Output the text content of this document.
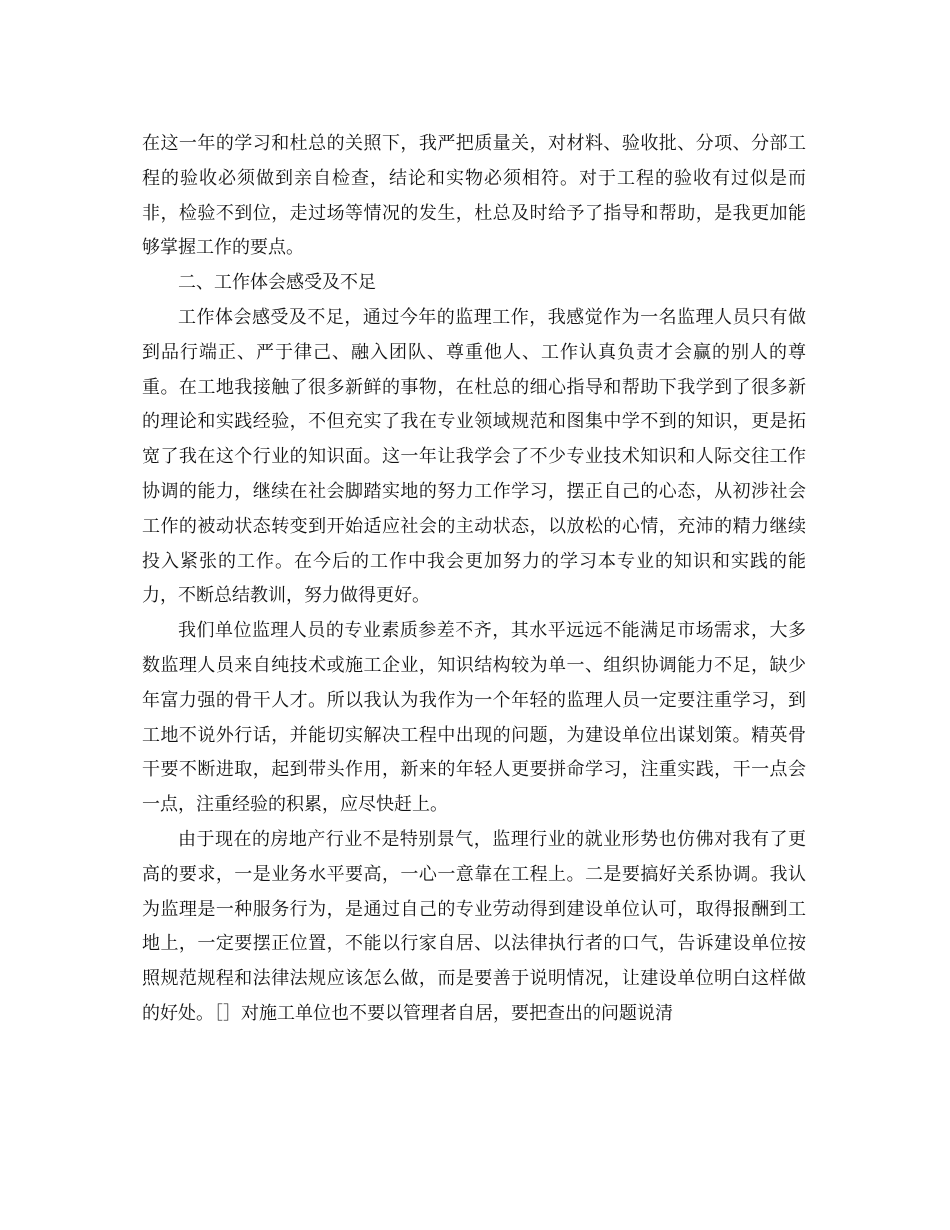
在这一年的学习和杜总的关照下，我严把质量关，对材料、验收批、分项、分部工程的验收必须做到亲自检查，结论和实物必须相符。对于工程的验收有过似是而非，检验不到位，走过场等情况的发生，杜总及时给予了指导和帮助，是我更加能够掌握工作的要点。

二、工作体会感受及不足

工作体会感受及不足，通过今年的监理工作，我感觉作为一名监理人员只有做到品行端正、严于律己、融入团队、尊重他人、工作认真负责才会赢的别人的尊重。在工地我接触了很多新鲜的事物，在杜总的细心指导和帮助下我学到了很多新的理论和实践经验，不但充实了我在专业领域规范和图集中学不到的知识，更是拓宽了我在这个行业的知识面。这一年让我学会了不少专业技术知识和人际交往工作协调的能力，继续在社会脚踏实地的努力工作学习，摆正自己的心态，从初涉社会工作的被动状态转变到开始适应社会的主动状态，以放松的心情，充沛的精力继续投入紧张的工作。在今后的工作中我会更加努力的学习本专业的知识和实践的能力，不断总结教训，努力做得更好。

我们单位监理人员的专业素质参差不齐，其水平远远不能满足市场需求，大多数监理人员来自纯技术或施工企业，知识结构较为单一、组织协调能力不足，缺少年富力强的骨干人才。所以我认为我作为一个年轻的监理人员一定要注重学习，到工地不说外行话，并能切实解决工程中出现的问题，为建设单位出谋划策。精英骨干要不断进取，起到带头作用，新来的年轻人更要拼命学习，注重实践，干一点会一点，注重经验的积累，应尽快赶上。

由于现在的房地产行业不是特别景气，监理行业的就业形势也仿佛对我有了更高的要求，一是业务水平要高，一心一意靠在工程上。二是要搞好关系协调。我认为监理是一种服务行为，是通过自己的专业劳动得到建设单位认可，取得报酬到工地上，一定要摆正位置，不能以行家自居、以法律执行者的口气，告诉建设单位按照规范规程和法律法规应该怎么做，而是要善于说明情况，让建设单位明白这样做的好处。［］对施工单位也不要以管理者自居，要把查出的问题说清
